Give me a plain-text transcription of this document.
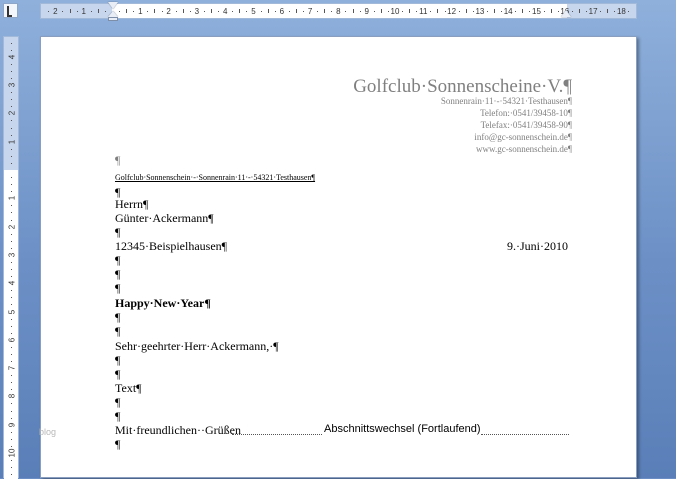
2	1	1	2	3	4	5	6	7	8	9	10 11 12 13 14 15 16 17 18
4
3
2
1
1
2
3
4
5
6
7
8
9
10
Golfclub·Sonnenscheine·V.¶
Sonnenrain·11·-·54321·Testhausen¶
Telefon:·0541/39458-10¶
Telefax:·0541/39458-90¶
info@gc-sonnenschein.de¶
www.gc-sonnenschein.de¶
¶
Golfclub·Sonnenschein·-·Sonnenrain·11·-·54321·Testhausen¶
¶
Herrn¶
Günter·Ackermann¶
¶
12345·Beispielhausen¶	9.·Juni·2010
¶
¶
¶
Happy·New·Year¶
¶
¶
Sehr·geehrter·Herr·Ackermann,·¶
¶
¶
Text¶
¶
¶
Mit·freundlichen··Grüßen	Abschnittswechsel (Fortlaufend)
¶
blog
